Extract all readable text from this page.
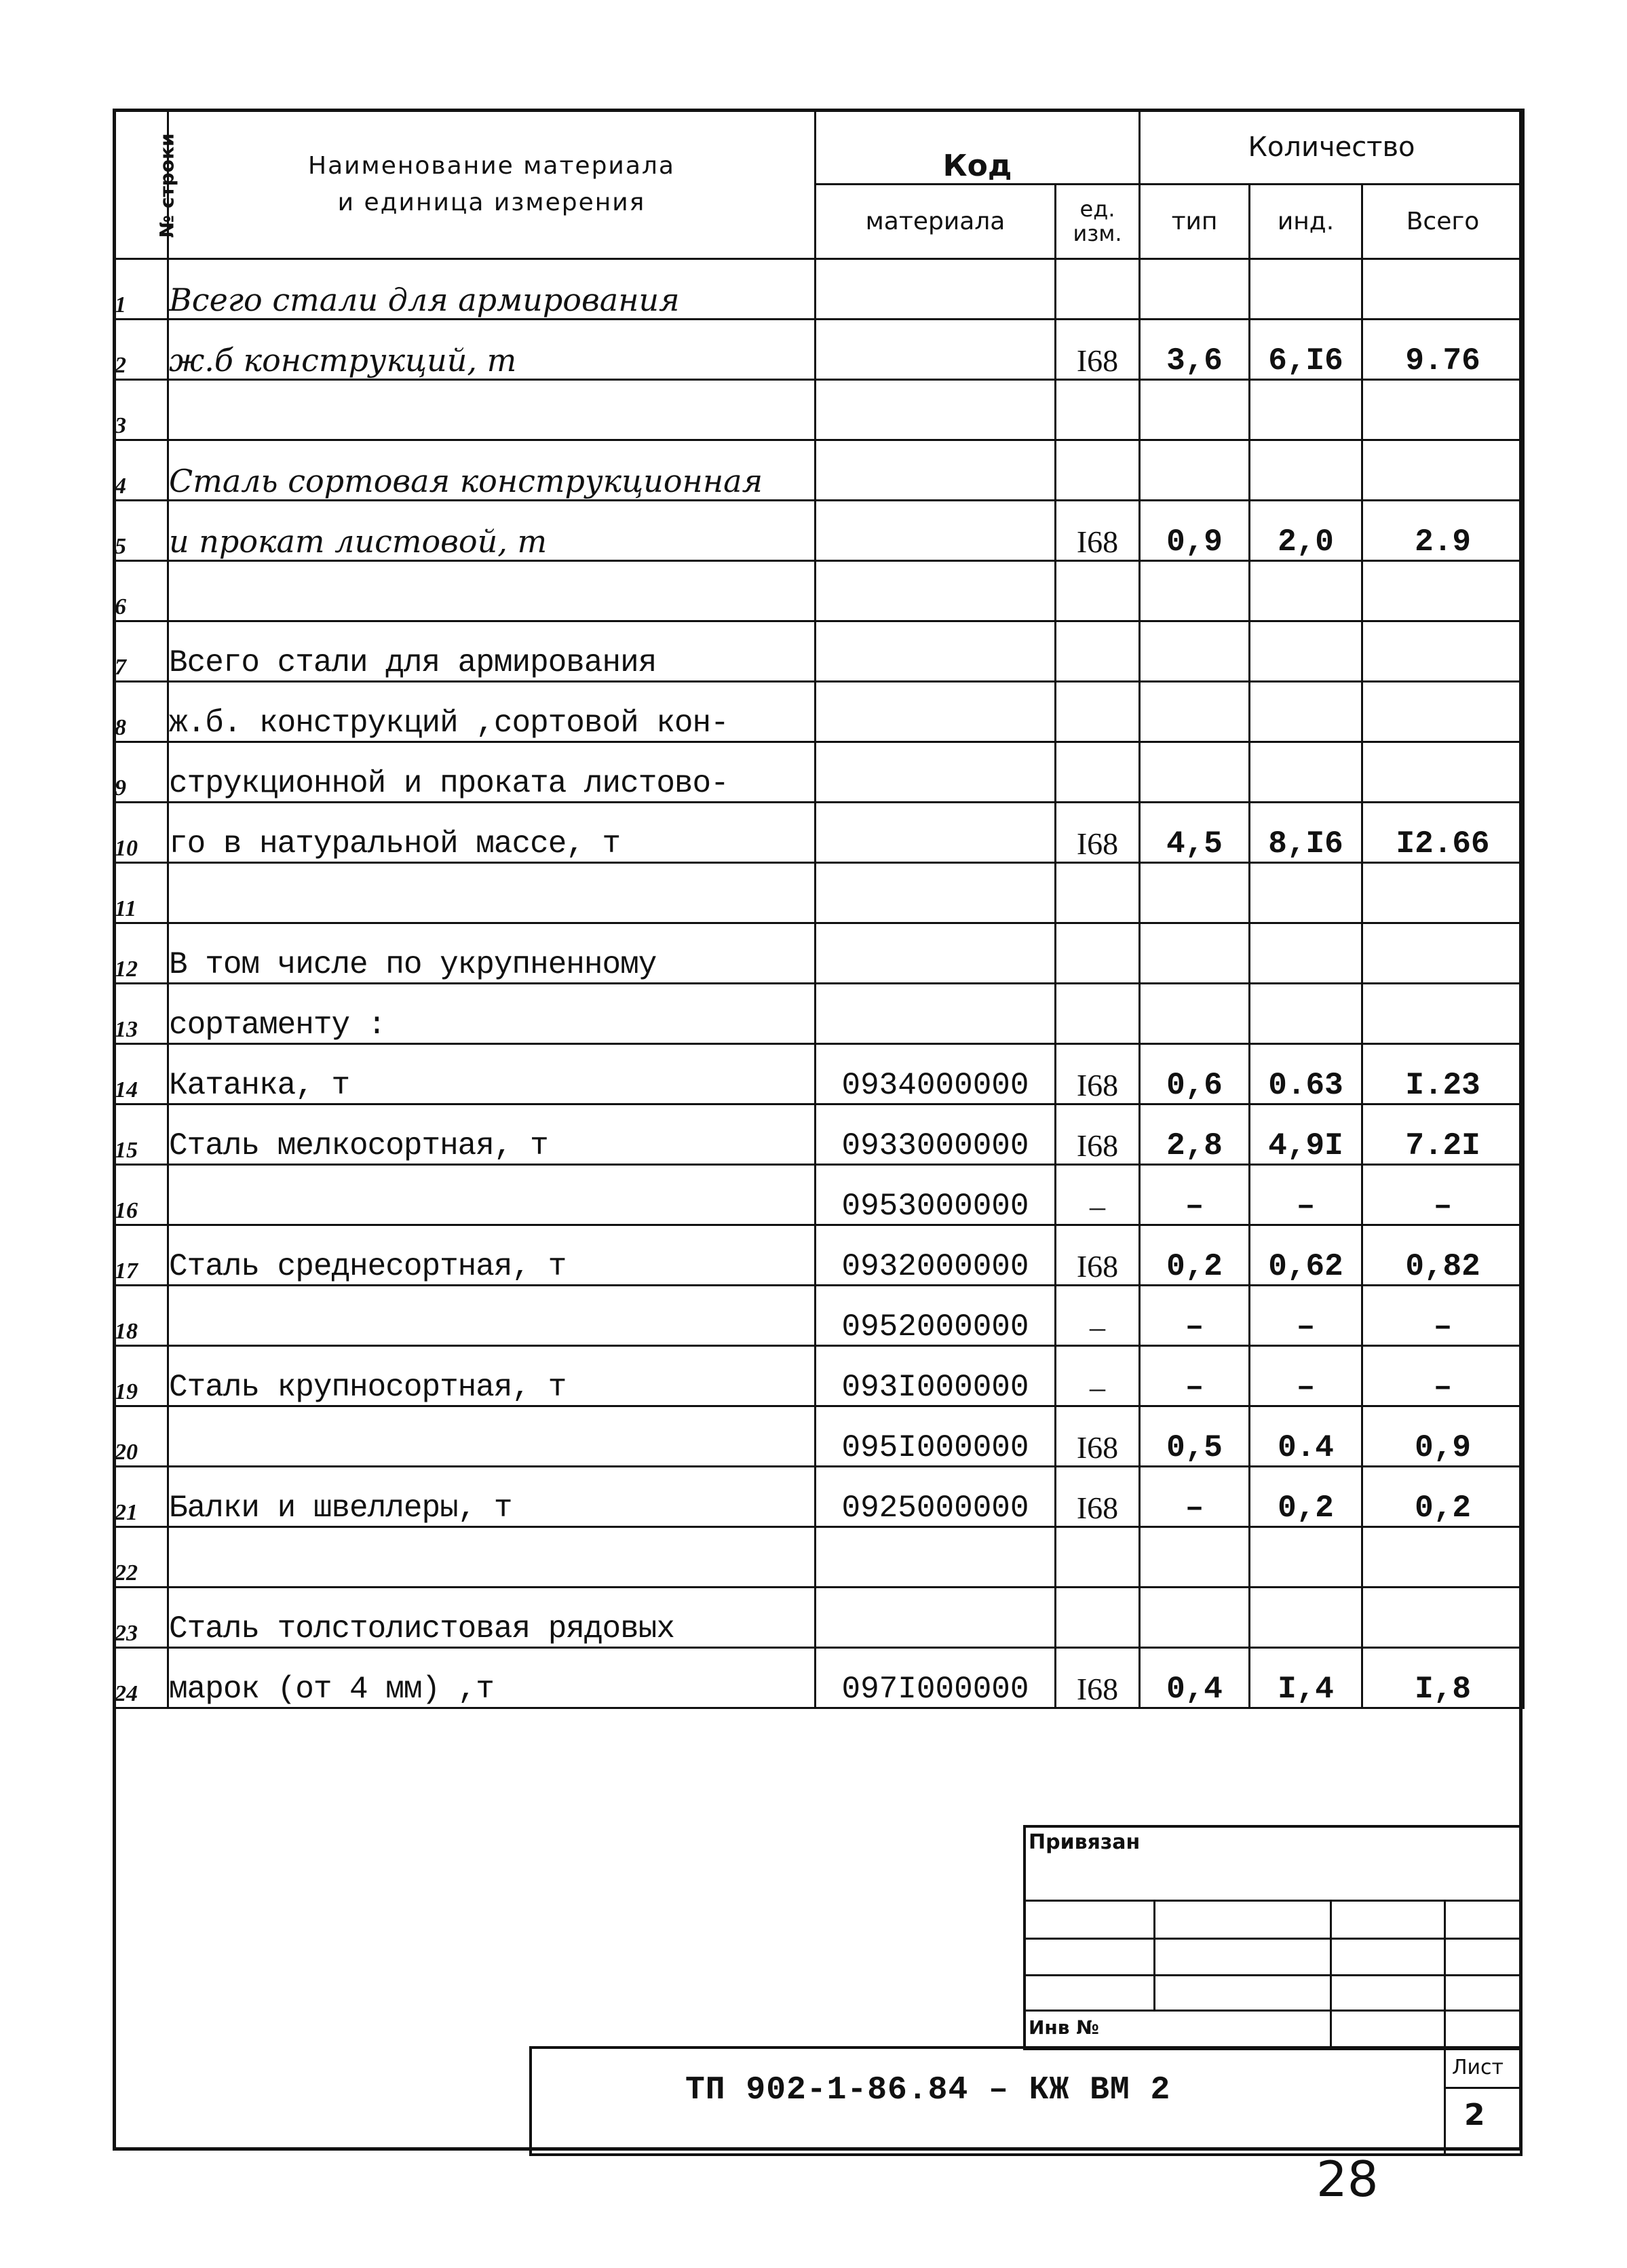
№ строки	Наименование материала
и единица измерения	Код		Количество		
		материала	ед. изм.	тип	инд.	Всего
1	Всего стали для армирования					
2	ж.б конструкций, т		I68	3,6	6,I6	9.76
3						
4	Сталь сортовая конструкционная					
5	и прокат листовой, т		I68	0,9	2,0	2.9
6						
7	Всего стали для армирования					
8	ж.б. конструкций ,сортовой кон-					
9	струкционной и проката листово-					
10	го в натуральной массе, т		I68	4,5	8,I6	I2.66
11						
12	В том числе по укрупненному					
13	сортаменту :					
14	Катанка, т	0934000000	I68	0,6	0.63	I.23
15	Сталь мелкосортная, т	0933000000	I68	2,8	4,9I	7.2I
16		0953000000	–	–	–	–
17	Сталь среднесортная, т	0932000000	I68	0,2	0,62	0,82
18		0952000000	–	–	–	–
19	Сталь крупносортная, т	093I000000	–	–	–	–
20		095I000000	I68	0,5	0.4	0,9
21	Балки и швеллеры, т	0925000000	I68	–	0,2	0,2
22						
23	Сталь толстолистовая рядовых					
24	марок (от 4 мм) ,т	097I000000	I68	0,4	I,4	I,8
Привязан
Инв №
ТП 902-1-86.84 – КЖ ВМ 2
Лист
2
28
